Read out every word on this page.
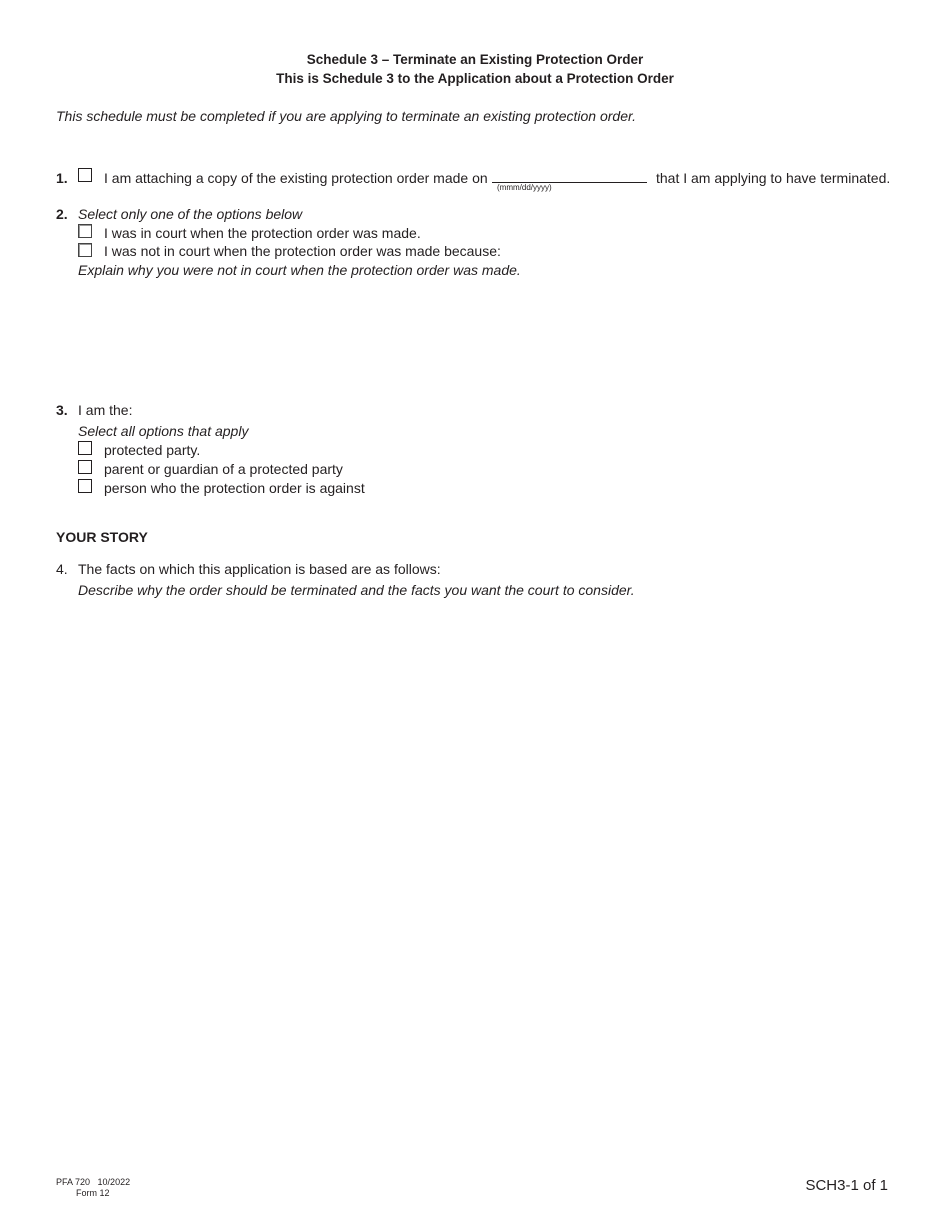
Schedule 3 – Terminate an Existing Protection Order
This is Schedule 3 to the Application about a Protection Order
This schedule must be completed if you are applying to terminate an existing protection order.
1.	I am attaching a copy of the existing protection order made on
(mmm/dd/yyyy)
that I am applying to have terminated.
2. Select only one of the options below
I was in court when the protection order was made.
I was not in court when the protection order was made because:
Explain why you were not in court when the protection order was made.
3. I am the:
Select all options that apply
protected party.
parent or guardian of a protected party
person who the protection order is against
YOUR STORY
4. The facts on which this application is based are as follows:
Describe why the order should be terminated and the facts you want the court to consider.
PFA 720 10/2022
Form 12	SCH3-1 of 1
